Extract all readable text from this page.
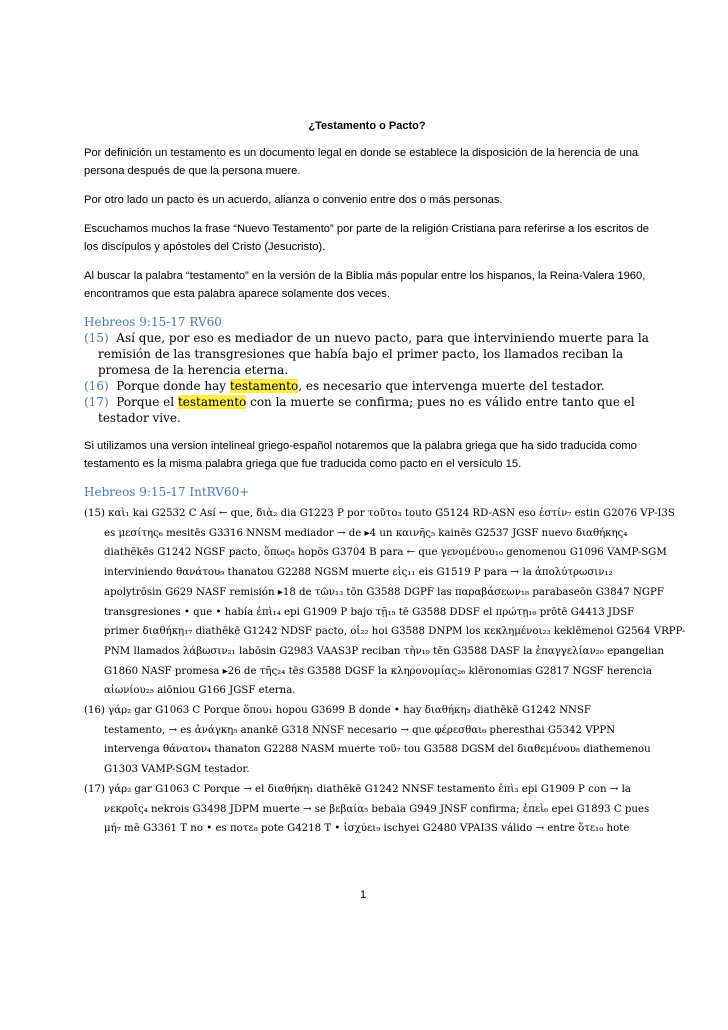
¿Testamento o Pacto?

Por definición un testamento es un documento legal en donde se establece la disposición de la herencia de una persona después de que la persona muere.

Por otro lado un pacto es un acuerdo, alianza o convenio entre dos o más personas.

Escuchamos muchos la frase “Nuevo Testamento” por parte de la religión Cristiana para referirse a los escritos de los discípulos y apóstoles del Cristo (Jesucristo).

Al buscar la palabra “testamento” en la versión de la Biblia más popular entre los hispanos, la Reina-Valera 1960, encontramos que esta palabra aparece solamente dos veces.

Hebreos 9:15-17 RV60

(15) Así que, por eso es mediador de un nuevo pacto, para que interviniendo muerte para la remisión de las transgresiones que había bajo el primer pacto, los llamados reciban la promesa de la herencia eterna.

(16) Porque donde hay testamento, es necesario que intervenga muerte del testador.

(17) Porque el testamento con la muerte se confirma; pues no es válido entre tanto que el testador vive.

Si utilizamos una version intelineal griego-español notaremos que la palabra griega que ha sido traducida como testamento es la misma palabra griega que fue traducida como pacto en el versículo 15.

Hebreos 9:15-17 IntRV60+

(15) καὶ₁ kai G2532 C Así ← que, διὰ₂ dia G1223 P por τοῦτο₃ touto G5124 RD-ASN eso ἐστίν₇ estin G2076 VP-I3S

es μεσίτης₆ mesitēs G3316 NNSM mediador → de ▸4 un καινῆς₅ kainēs G2537 JGSF nuevo διαθήκης₄

diathēkēs G1242 NGSF pacto, ὅπως₈ hopōs G3704 B para ← que γενομένου₁₀ genomenou G1096 VAMP-SGM

interviniendo θανάτου₉ thanatou G2288 NGSM muerte εἰς₁₁ eis G1519 P para → la ἀπολύτρωσιν₁₂

apolytrōsin G629 NASF remisión ▸18 de τῶν₁₃ tōn G3588 DGPF las παραβάσεων₁₈ parabaseōn G3847 NGPF

transgresiones • que • había ἐπὶ₁₄ epi G1909 P bajo τῇ₁₅ tē G3588 DDSF el πρώτῃ₁₆ prōtē G4413 JDSF

primer διαθήκῃ₁₇ diathēkē G1242 NDSF pacto, οἱ₂₂ hoi G3588 DNPM los κεκλημένοι₂₃ keklēmenoi G2564 VRPP-

PNM llamados λάβωσιν₂₁ labōsin G2983 VAAS3P reciban τὴν₁₉ tēn G3588 DASF la ἐπαγγελίαν₂₀ epangelian

G1860 NASF promesa ▸26 de τῆς₂₄ tēs G3588 DGSF la κληρονομίας₂₆ klēronomias G2817 NGSF herencia

αἰωνίου₂₅ aiōniou G166 JGSF eterna.

(16) γάρ₂ gar G1063 C Porque ὅπου₁ hopou G3699 B donde • hay διαθήκη₃ diathēkē G1242 NNSF

testamento, → es ἀνάγκη₅ anankē G318 NNSF necesario → que φέρεσθαι₆ pheresthai G5342 VPPN

intervenga θάνατον₄ thanaton G2288 NASM muerte τοῦ₇ tou G3588 DGSM del διαθεμένου₈ diathemenou

G1303 VAMP-SGM testador.

(17) γάρ₂ gar G1063 C Porque → el διαθήκη₁ diathēkē G1242 NNSF testamento ἐπὶ₃ epi G1909 P con → la

νεκροῖς₄ nekrois G3498 JDPM muerte → se βεβαία₅ bebaia G949 JNSF confirma; ἐπεὶ₆ epei G1893 C pues

μή₇ mē G3361 T no • es ποτε₈ pote G4218 T • ἰσχύει₉ ischyei G2480 VPAI3S válido → entre ὅτε₁₀ hote

1
